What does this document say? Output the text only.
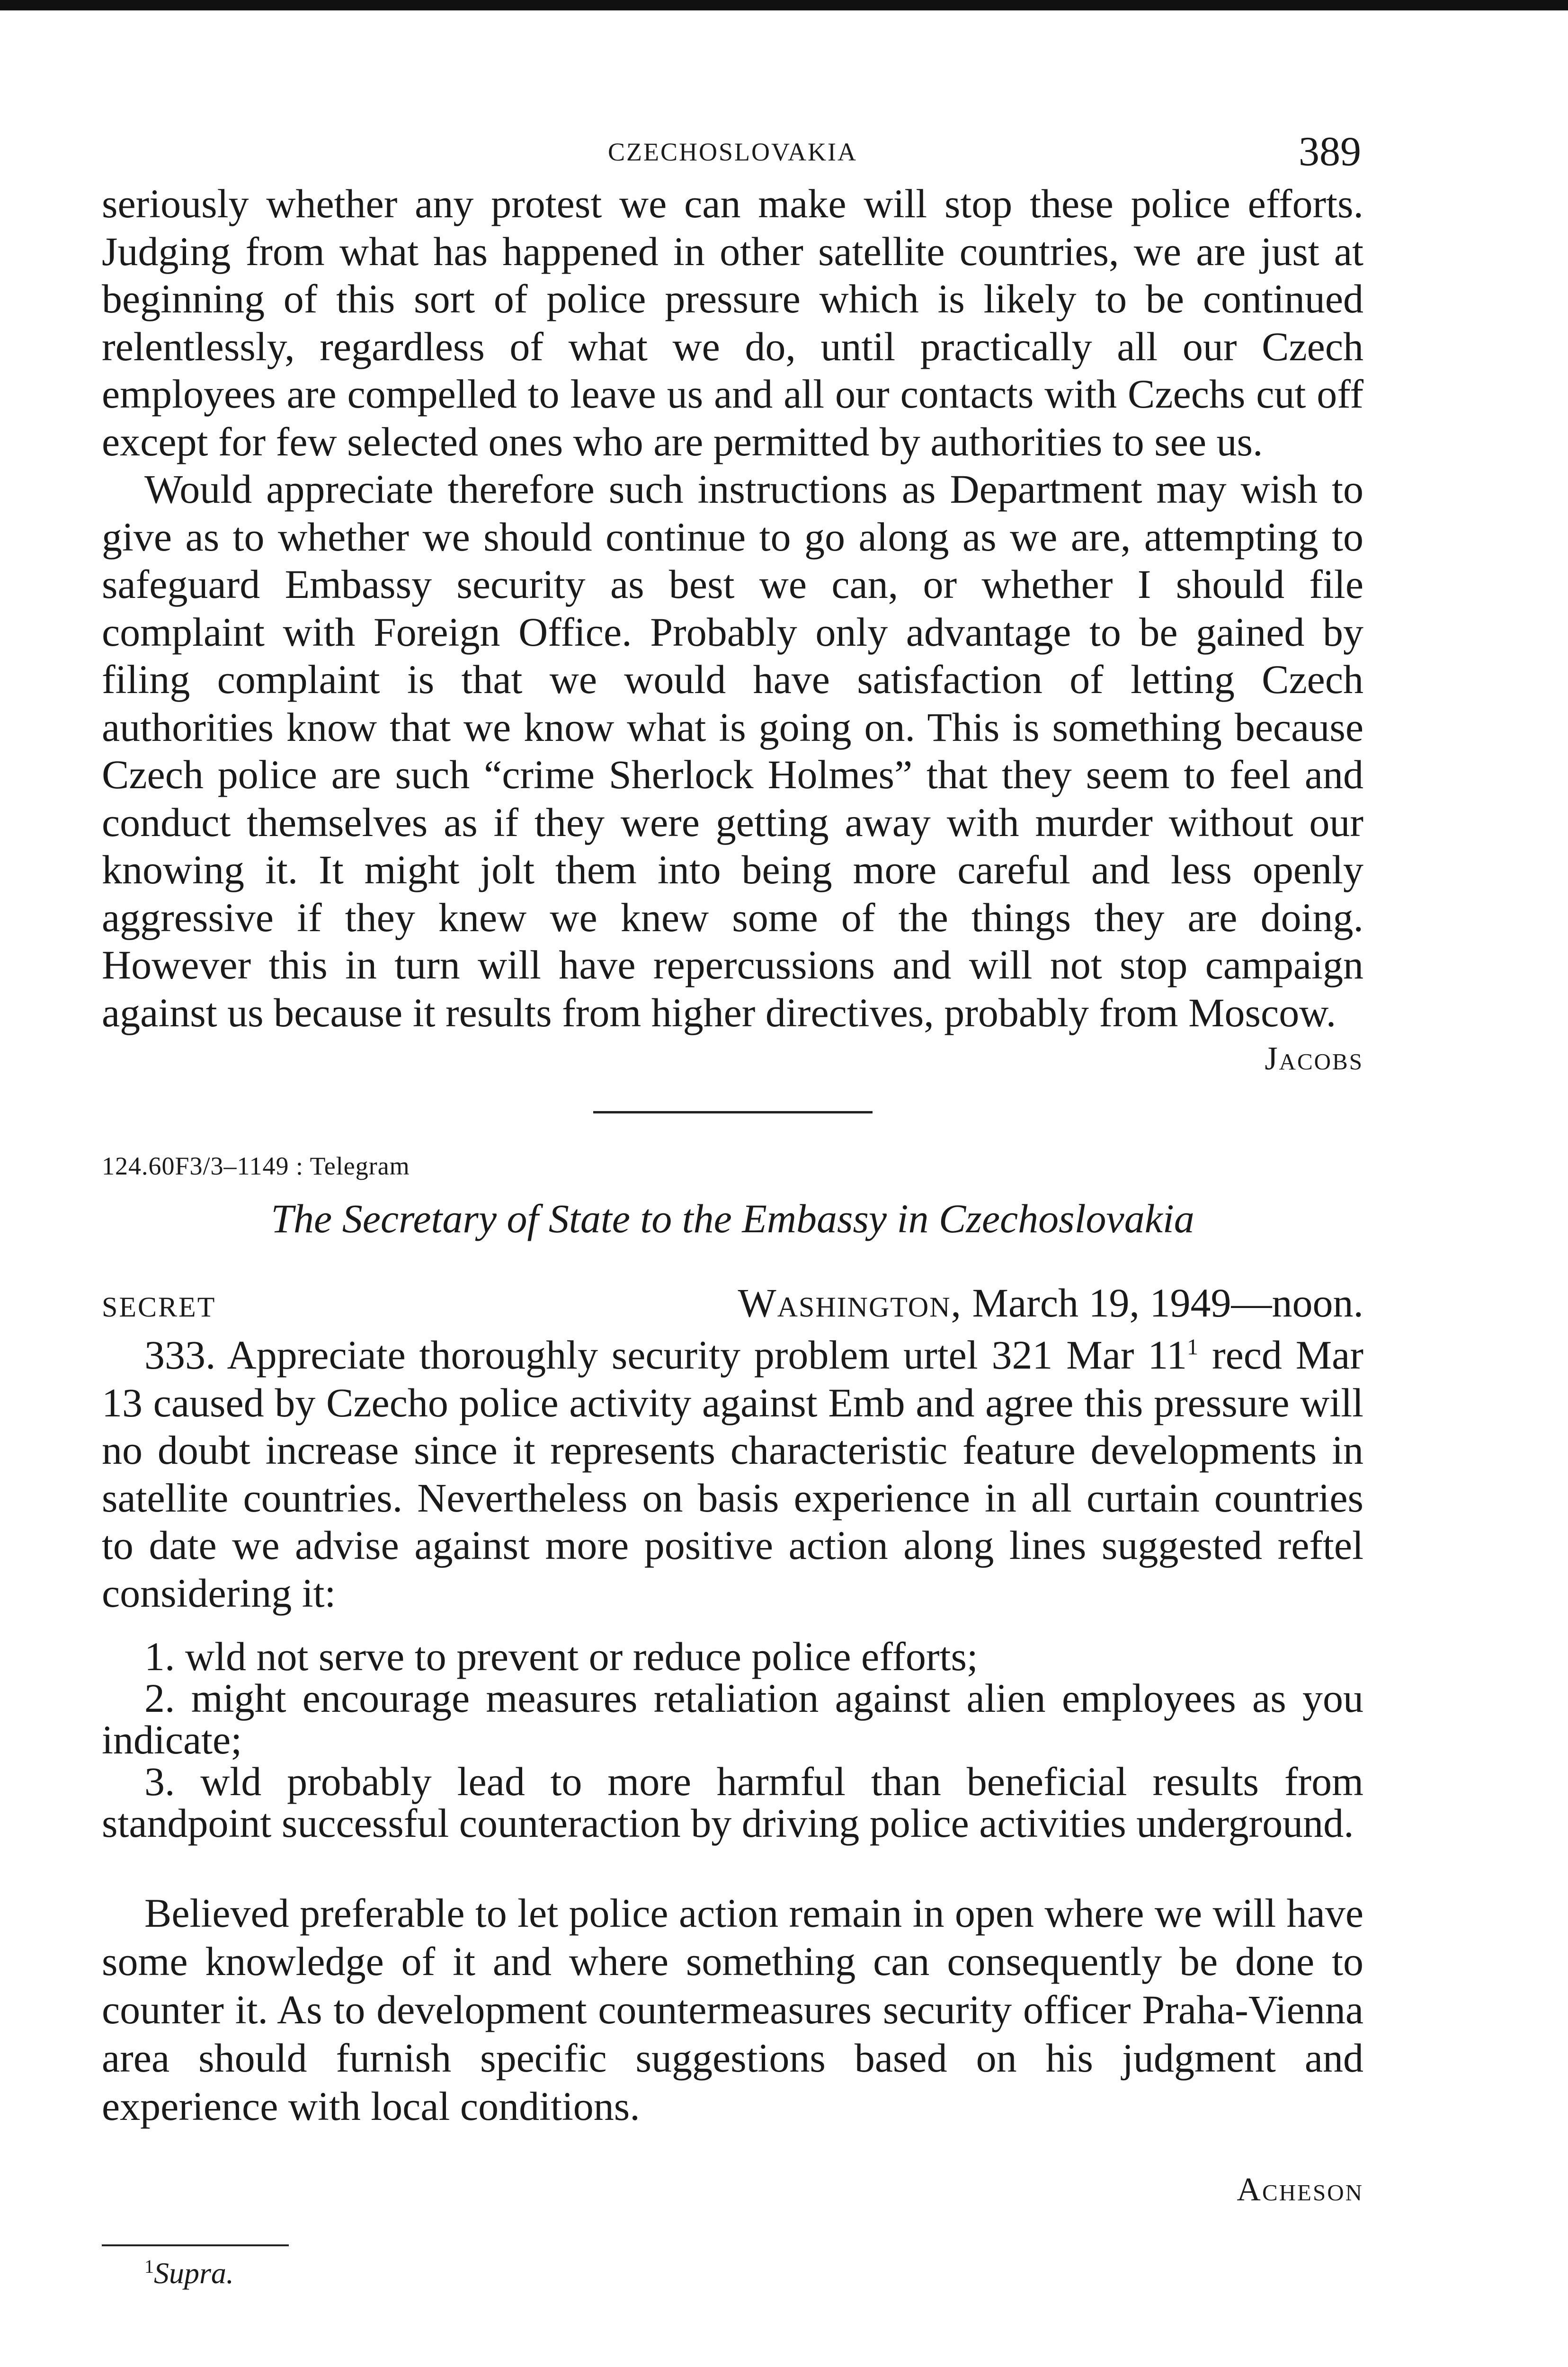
CZECHOSLOVAKIA	389

seriously whether any protest we can make will stop these police efforts. Judging from what has happened in other satellite countries, we are just at beginning of this sort of police pressure which is likely to be continued relentlessly, regardless of what we do, until practically all our Czech employees are compelled to leave us and all our contacts with Czechs cut off except for few selected ones who are permitted by authorities to see us.

Would appreciate therefore such instructions as Department may wish to give as to whether we should continue to go along as we are, attempting to safeguard Embassy security as best we can, or whether I should file complaint with Foreign Office. Probably only advantage to be gained by filing complaint is that we would have satisfaction of letting Czech authorities know that we know what is going on. This is something because Czech police are such “crime Sherlock Holmes” that they seem to feel and conduct themselves as if they were getting away with murder without our knowing it. It might jolt them into being more careful and less openly aggressive if they knew we knew some of the things they are doing. However this in turn will have repercussions and will not stop campaign against us because it results from higher directives, probably from Moscow.

Jacobs
124.60F3/3–1149 : Telegram
The Secretary of State to the Embassy in Czechoslovakia
SECRET	Washington, March 19, 1949—noon.

333. Appreciate thoroughly security problem urtel 321 Mar $11^1$ recd Mar 13 caused by Czecho police activity against Emb and agree this pressure will no doubt increase since it represents characteristic feature developments in satellite countries. Nevertheless on basis experience in all curtain countries to date we advise against more positive action along lines suggested reftel considering it:

1. wld not serve to prevent or reduce police efforts;
2. might encourage measures retaliation against alien employees as you indicate;
3. wld probably lead to more harmful than beneficial results from standpoint successful counteraction by driving police activities underground.

Believed preferable to let police action remain in open where we will have some knowledge of it and where something can consequently be done to counter it. As to development countermeasures security officer Praha-Vienna area should furnish specific suggestions based on his judgment and experience with local conditions.

Acheson
$^1$Supra.
